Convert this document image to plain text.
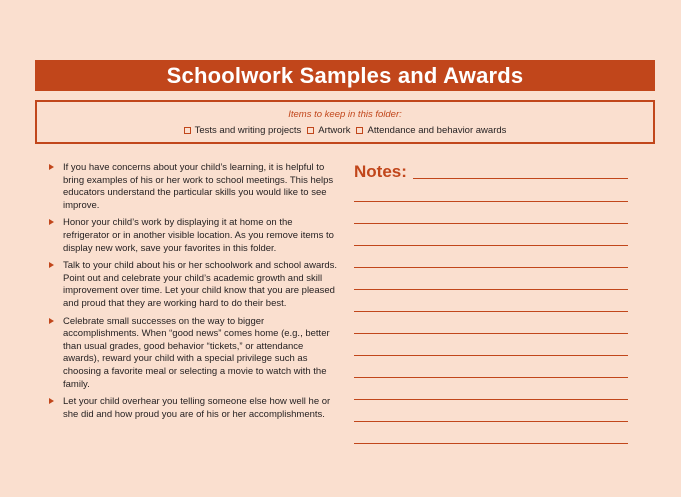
Schoolwork Samples and Awards
Items to keep in this folder:
Tests and writing projects Artwork Attendance and behavior awards
If you have concerns about your child’s learning, it is helpful to bring examples of his or her work to school meetings. This helps educators understand the particular skills you would like to see improve.
Honor your child’s work by displaying it at home on the refrigerator or in another visible location. As you remove items to display new work, save your favorites in this folder.
Talk to your child about his or her schoolwork and school awards. Point out and celebrate your child’s academic growth and skill improvement over time. Let your child know that you are pleased and proud that they are working hard to do their best.
Celebrate small successes on the way to bigger accomplishments. When “good news” comes home (e.g., better than usual grades, good behavior “tickets,” or attendance awards), reward your child with a special privilege such as choosing a favorite meal or selecting a movie to watch with the family.
Let your child overhear you telling someone else how well he or she did and how proud you are of his or her accomplishments.
Notes:
